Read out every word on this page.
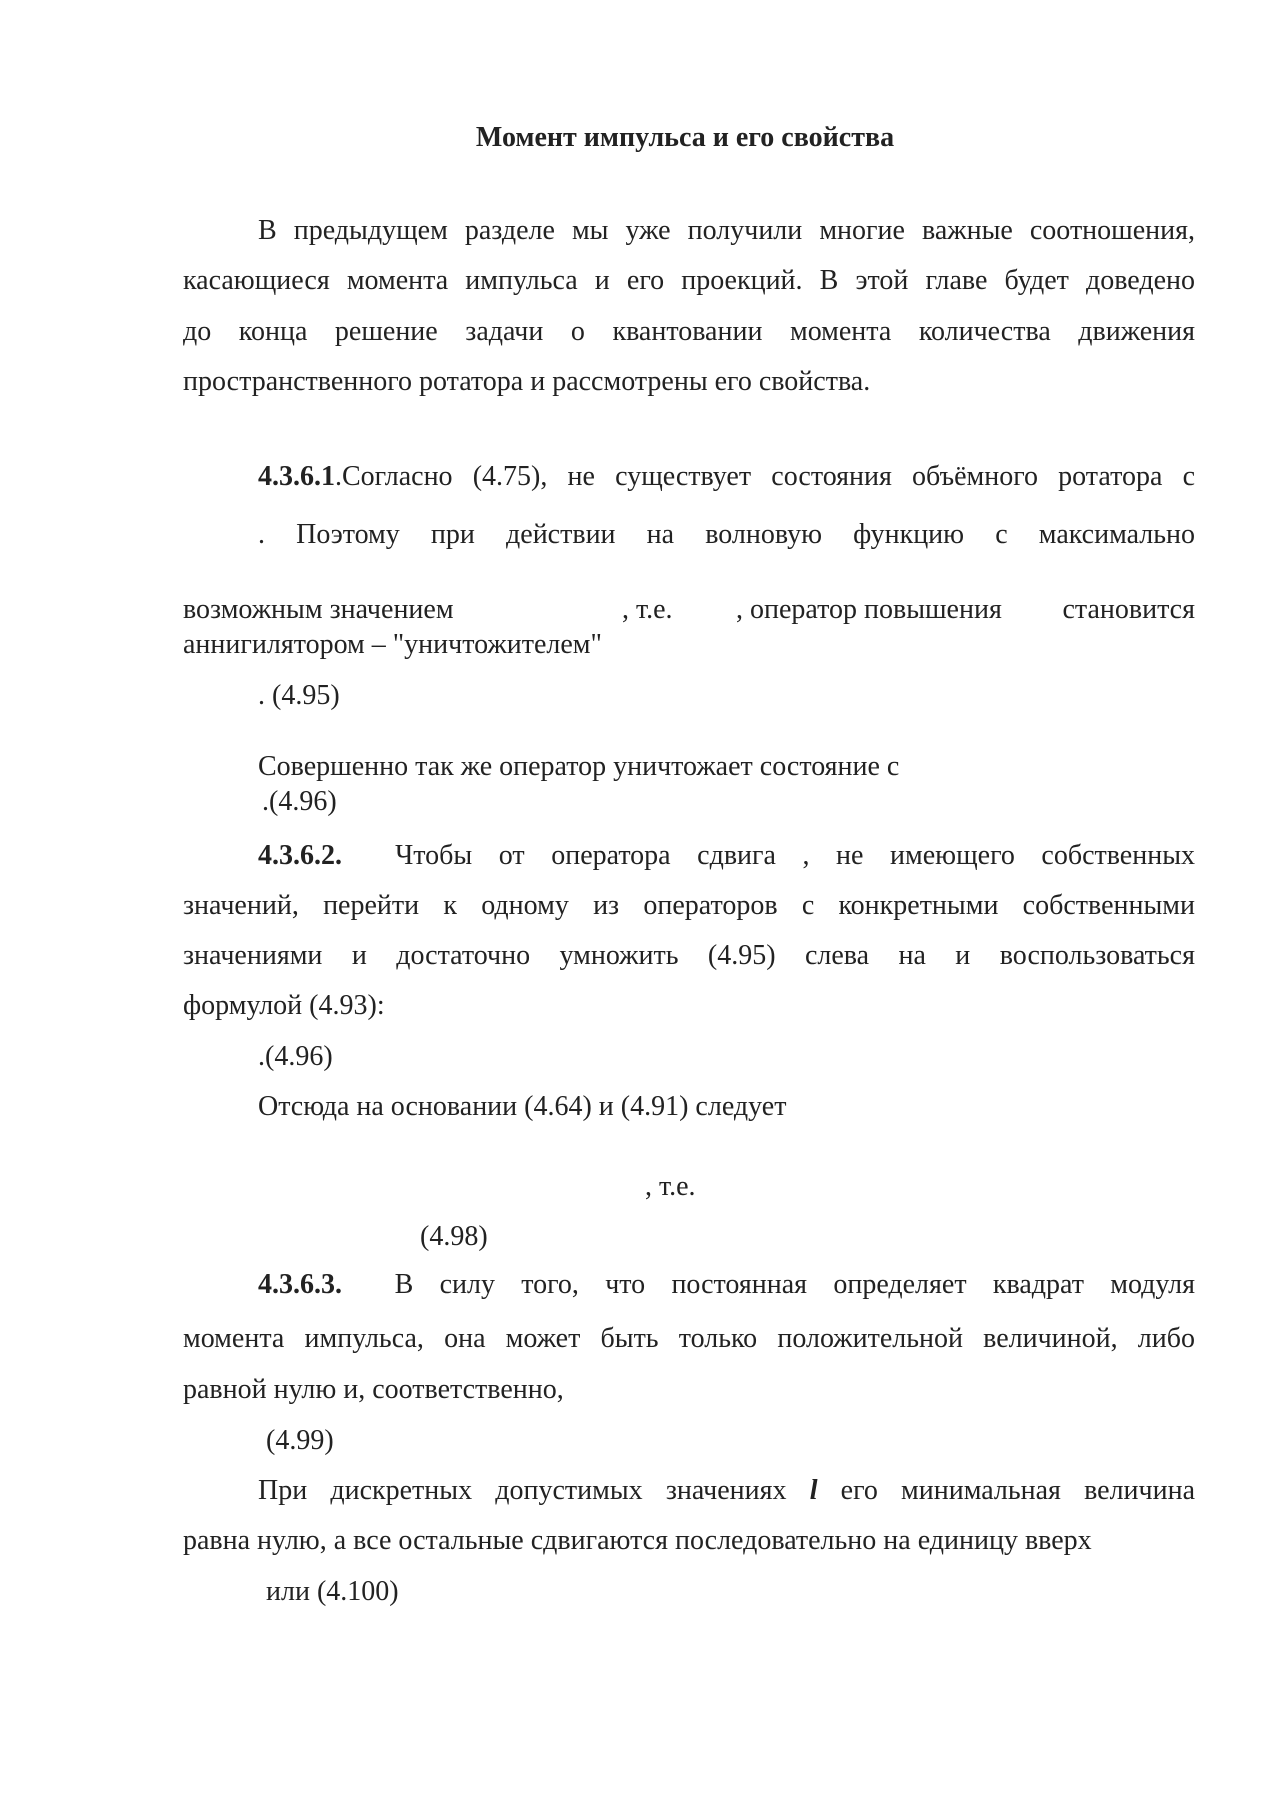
Момент импульса и его свойства
В предыдущем разделе мы уже получили многие важные соотношения,
касающиеся момента импульса и его проекций. В этой главе будет доведено
до конца решение задачи о квантовании момента количества движения
пространственного ротатора и рассмотрены его свойства.
4.3.6.1.Согласно (4.75), не существует состояния объёмного ротатора с
. Поэтому при действии на волновую функцию с максимально
возможным значением	, т.е. , оператор повышения становится
аннигилятором – "уничтожителем"
. (4.95)
Совершенно так же оператор уничтожает состояние с
.(4.96)
4.3.6.2. Чтобы от оператора сдвига , не имеющего собственных
значений, перейти к одному из операторов с конкретными собственными
значениями и достаточно умножить (4.95) слева на и воспользоваться
формулой (4.93):
.(4.96)
Отсюда на основании (4.64) и (4.91) следует
, т.е.
(4.98)
4.3.6.3. В силу того, что постоянная определяет квадрат модуля
момента импульса, она может быть только положительной величиной, либо
равной нулю и, соответственно,
(4.99)
При дискретных допустимых значениях l его минимальная величина
равна нулю, а все остальные сдвигаются последовательно на единицу вверх
или (4.100)
